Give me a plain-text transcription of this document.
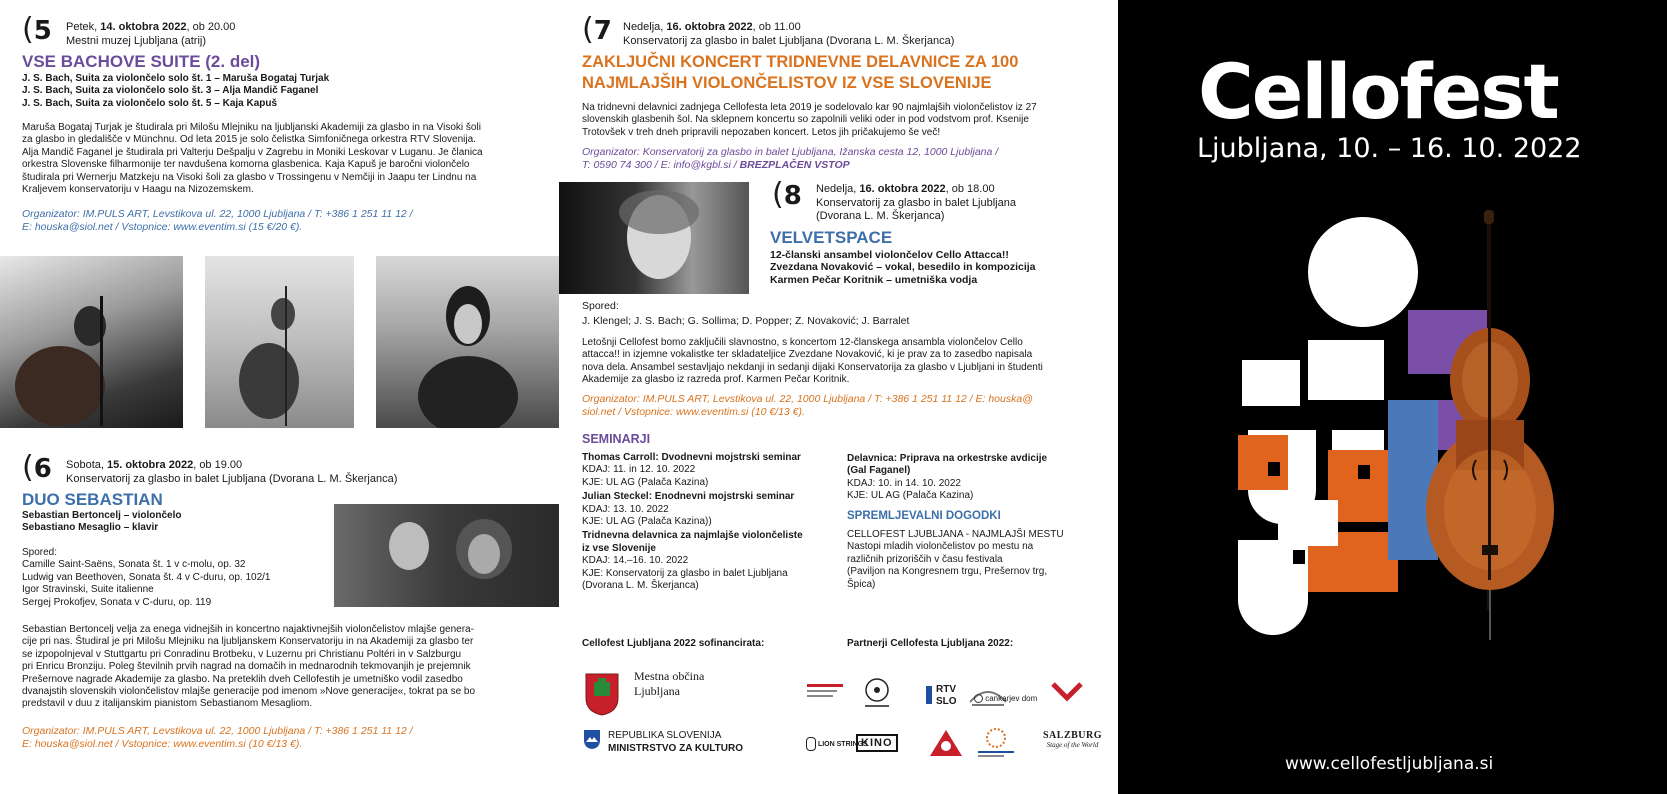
(5 Petek, 14. oktobra 2022, ob 20.00
Mestni muzej Ljubljana (atrij)
VSE BACHOVE SUITE (2. del)
J. S. Bach, Suita za violončelo solo št. 1 – Maruša Bogataj Turjak
J. S. Bach, Suita za violončelo solo št. 3 – Alja Mandič Faganel
J. S. Bach, Suita za violončelo solo št. 5 – Kaja Kapuš
Maruša Bogataj Turjak je študirala pri Milošu Mlejniku na ljubljanski Akademiji za glasbo in na Visoki šoli
za glasbo in gledališče v Münchnu. Od leta 2015 je solo čelistka Simfoničnega orkestra RTV Slovenija.
Alja Mandič Faganel je študirala pri Valterju Dešpalju v Zagrebu in Moniki Leskovar v Luganu. Je članica
orkestra Slovenske filharmonije ter navdušena komorna glasbenica. Kaja Kapuš je baročni violončelo
študirala pri Wernerju Matzkeju na Visoki šoli za glasbo v Trossingenu v Nemčiji in Jaapu ter Lindnu na
Kraljevem konservatoriju v Haagu na Nizozemskem.
Organizator: IM.PULS ART, Levstikova ul. 22, 1000 Ljubljana / T: +386 1 251 11 12 /
E: houska@siol.net / Vstopnice: www.eventim.si (15 €/20 €).
(6 Sobota, 15. oktobra 2022, ob 19.00
Konservatorij za glasbo in balet Ljubljana (Dvorana L. M. Škerjanca)
DUO SEBASTIAN
Sebastian Bertoncelj – violončelo
Sebastiano Mesaglio – klavir
Spored:
Camille Saint-Saëns, Sonata št. 1 v c-molu, op. 32
Ludwig van Beethoven, Sonata št. 4 v C-duru, op. 102/1
Igor Stravinski, Suite italienne
Sergej Prokofjev, Sonata v C-duru, op. 119
Sebastian Bertoncelj velja za enega vidnejših in koncertno najaktivnejših violončelistov mlajše genera-
cije pri nas. Študiral je pri Milošu Mlejniku na ljubljanskem Konservatoriju in na Akademiji za glasbo ter
se izpopolnjeval v Stuttgartu pri Conradinu Brotbeku, v Luzernu pri Christianu Poltéri in v Salzburgu
pri Enricu Bronziju. Poleg številnih prvih nagrad na domačih in mednarodnih tekmovanjih je prejemnik
Prešernove nagrade Akademije za glasbo. Na preteklih dveh Cellofestih je umetniško vodil zasedbo
dvanajstih slovenskih violončelistov mlajše generacije pod imenom »Nove generacije«, tokrat pa se bo
predstavil v duu z italijanskim pianistom Sebastianom Mesagliom.
Organizator: IM.PULS ART, Levstikova ul. 22, 1000 Ljubljana / T: +386 1 251 11 12 /
E: houska@siol.net / Vstopnice: www.eventim.si (10 €/13 €).
(7 Nedelja, 16. oktobra 2022, ob 11.00
Konservatorij za glasbo in balet Ljubljana (Dvorana L. M. Škerjanca)
ZAKLJUČNI KONCERT TRIDNEVNE DELAVNICE ZA 100
NAJMLAJŠIH VIOLONČELISTOV IZ VSE SLOVENIJE
Na tridnevni delavnici zadnjega Cellofesta leta 2019 je sodelovalo kar 90 najmlajših violončelistov iz 27
slovenskih glasbenih šol. Na sklepnem koncertu so zapolnili veliki oder in pod vodstvom prof. Ksenije
Trotovšek v treh dneh pripravili nepozaben koncert. Letos jih pričakujemo še več!
Organizator: Konservatorij za glasbo in balet Ljubljana, Ižanska cesta 12, 1000 Ljubljana /
T: 0590 74 300 / E: info@kgbl.si / BREZPLAČEN VSTOP
(8 Nedelja, 16. oktobra 2022, ob 18.00
Konservatorij za glasbo in balet Ljubljana
(Dvorana L. M. Škerjanca)
VELVETSPACE
12-članski ansambel violončelov Cello Attacca!!
Zvezdana Novaković – vokal, besedilo in kompozicija
Karmen Pečar Koritnik – umetniška vodja
Spored:
J. Klengel; J. S. Bach; G. Sollima; D. Popper; Z. Novaković; J. Barralet
Letošnji Cellofest bomo zaključili slavnostno, s koncertom 12-članskega ansambla violončelov Cello
attacca!! in izjemne vokalistke ter skladateljice Zvezdane Novaković, ki je prav za to zasedbo napisala
nova dela. Ansambel sestavljajo nekdanji in sedanji dijaki Konservatorija za glasbo v Ljubljani in študenti
Akademije za glasbo iz razreda prof. Karmen Pečar Koritnik.
Organizator: IM.PULS ART, Levstikova ul. 22, 1000 Ljubljana / T: +386 1 251 11 12 / E: houska@
siol.net / Vstopnice: www.eventim.si (10 €/13 €).
SEMINARJI
Thomas Carroll: Dvodnevni mojstrski seminar
KDAJ: 11. in 12. 10. 2022
KJE: UL AG (Palača Kazina)
Julian Steckel: Enodnevni mojstrski seminar
KDAJ: 13. 10. 2022
KJE: UL AG (Palača Kazina))
Tridnevna delavnica za najmlajše violončeliste
iz vse Slovenije
KDAJ: 14.–16. 10. 2022
KJE: Konservatorij za glasbo in balet Ljubljana
(Dvorana L. M. Škerjanca)
Delavnica: Priprava na orkestrske avdicije
(Gal Faganel)
KDAJ: 10. in 14. 10. 2022
KJE: UL AG (Palača Kazina)
SPREMLJEVALNI DOGODKI
CELLOFEST LJUBLJANA - NAJMLAJŠI MESTU
Nastopi mladih violončelistov po mestu na
različnih prizoriščih v času festivala
(Paviljon na Kongresnem trgu, Prešernov trg,
Špica)
Cellofest Ljubljana 2022 sofinancirata:	Partnerji Cellofesta Ljubljana 2022:
Mestna občina
Ljubljana
REPUBLIKA SLOVENIJA
MINISTRSTVO ZA KULTURO
RTV
SLO	cankarjev dom
LION STRINGS
KINO
SALZBURG
Stage of the World
Cellofest
Ljubljana, 10. – 16. 10. 2022
www.cellofestljubljana.si
